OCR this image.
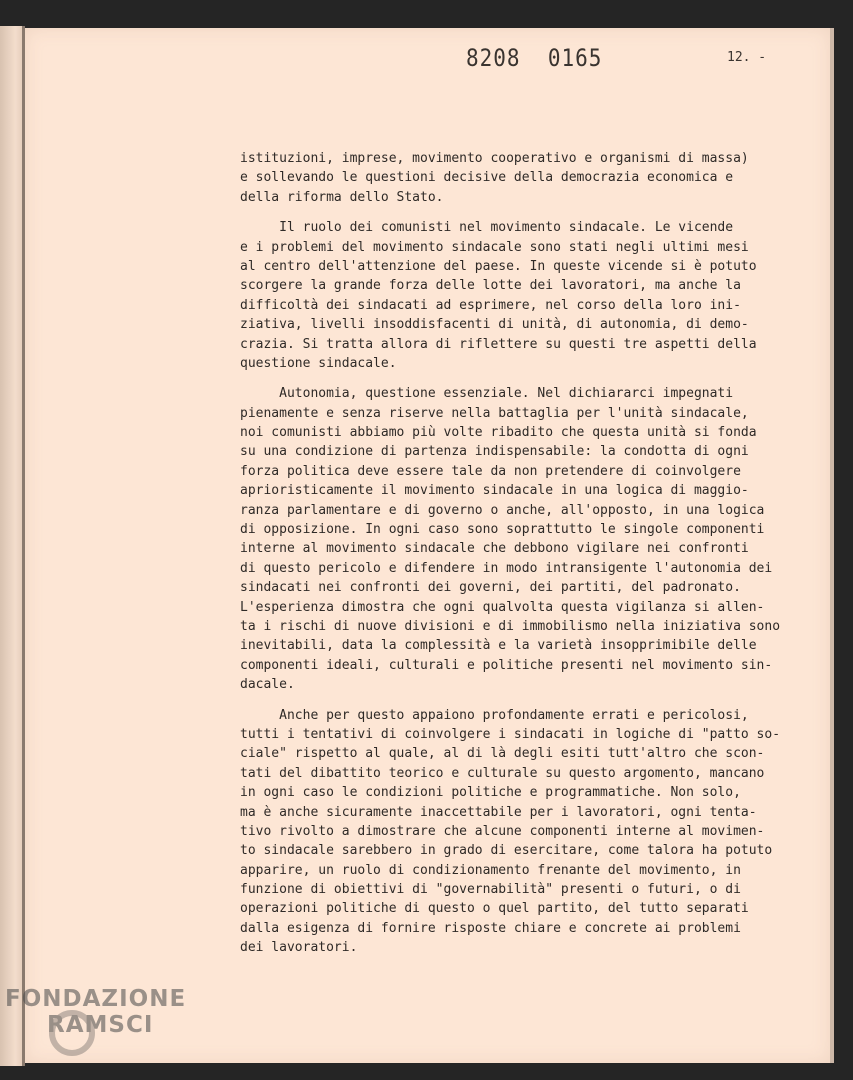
8208  0165	12. -
istituzioni, imprese, movimento cooperativo e organismi di massa)
e sollevando le questioni decisive della democrazia economica e
della riforma dello Stato.
Il ruolo dei comunisti nel movimento sindacale. Le vicende
e i problemi del movimento sindacale sono stati negli ultimi mesi
al centro dell'attenzione del paese. In queste vicende si è potuto
scorgere la grande forza delle lotte dei lavoratori, ma anche la
difficoltà dei sindacati ad esprimere, nel corso della loro ini-
ziativa, livelli insoddisfacenti di unità, di autonomia, di demo-
crazia. Si tratta allora di riflettere su questi tre aspetti della
questione sindacale.
Autonomia, questione essenziale. Nel dichiararci impegnati
pienamente e senza riserve nella battaglia per l'unità sindacale,
noi comunisti abbiamo più volte ribadito che questa unità si fonda
su una condizione di partenza indispensabile: la condotta di ogni
forza politica deve essere tale da non pretendere di coinvolgere
aprioristicamente il movimento sindacale in una logica di maggio-
ranza parlamentare e di governo o anche, all'opposto, in una logica
di opposizione. In ogni caso sono soprattutto le singole componenti
interne al movimento sindacale che debbono vigilare nei confronti
di questo pericolo e difendere in modo intransigente l'autonomia dei
sindacati nei confronti dei governi, dei partiti, del padronato.
L'esperienza dimostra che ogni qualvolta questa vigilanza si allen-
ta i rischi di nuove divisioni e di immobilismo nella iniziativa sono
inevitabili, data la complessità e la varietà insopprimibile delle
componenti ideali, culturali e politiche presenti nel movimento sin-
dacale.
Anche per questo appaiono profondamente errati e pericolosi,
tutti i tentativi di coinvolgere i sindacati in logiche di "patto so-
ciale" rispetto al quale, al di là degli esiti tutt'altro che scon-
tati del dibattito teorico e culturale su questo argomento, mancano
in ogni caso le condizioni politiche e programmatiche. Non solo,
ma è anche sicuramente inaccettabile per i lavoratori, ogni tenta-
tivo rivolto a dimostrare che alcune componenti interne al movimen-
to sindacale sarebbero in grado di esercitare, come talora ha potuto
apparire, un ruolo di condizionamento frenante del movimento, in
funzione di obiettivi di "governabilità" presenti o futuri, o di
operazioni politiche di questo o quel partito, del tutto separati
dalla esigenza di fornire risposte chiare e concrete ai problemi
dei lavoratori.
FONDAZIONE
RAMSCI
